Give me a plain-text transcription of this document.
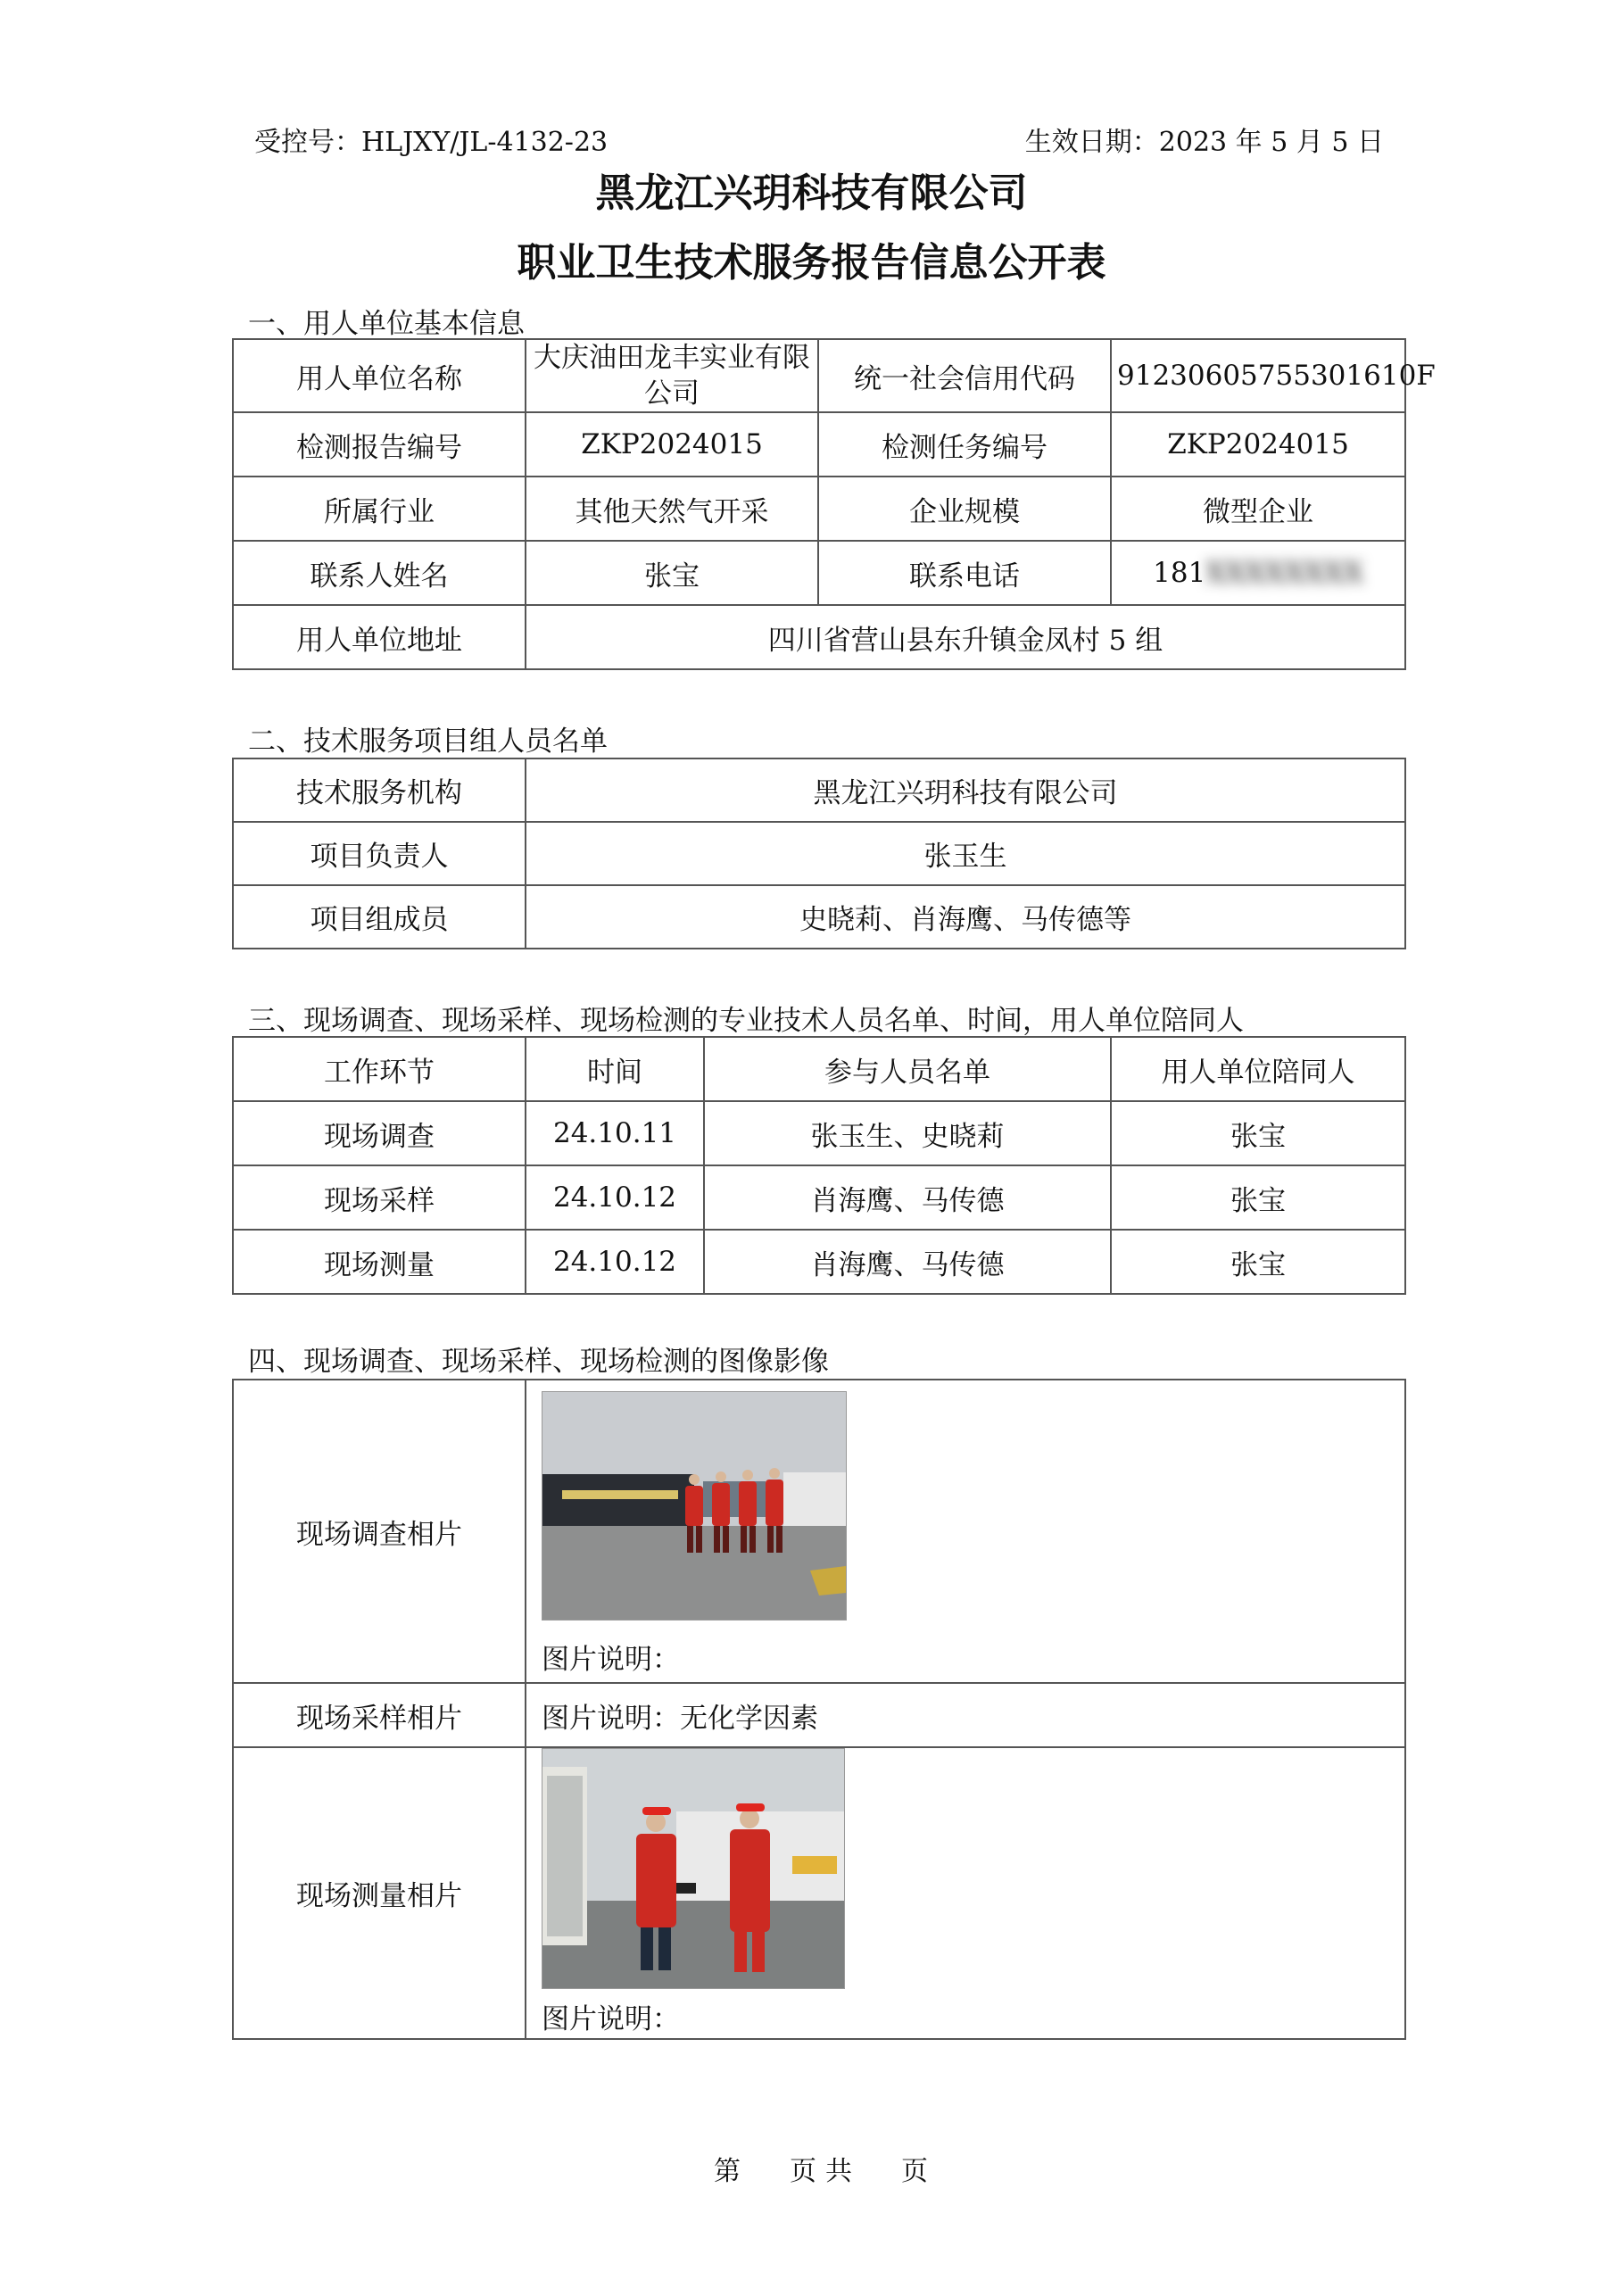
受控号：HLJXY/JL-4132-23	生效日期：2023 年 5 月 5 日
黑龙江兴玥科技有限公司
职业卫生技术服务报告信息公开表
一、用人单位基本信息
用人单位名称	大庆油田龙丰实业有限公司	统一社会信用代码	91230605755301610F
检测报告编号	ZKP2024015	检测任务编号	ZKP2024015
所属行业	其他天然气开采	企业规模	微型企业
联系人姓名	张宝	联系电话	181XXXXXXXX
用人单位地址	四川省营山县东升镇金凤村 5 组		
二、技术服务项目组人员名单
技术服务机构	黑龙江兴玥科技有限公司
项目负责人	张玉生
项目组成员	史晓莉、肖海鹰、马传德等
三、现场调查、现场采样、现场检测的专业技术人员名单、时间，用人单位陪同人
工作环节	时间	参与人员名单	用人单位陪同人
现场调查	24.10.11	张玉生、史晓莉	张宝
现场采样	24.10.12	肖海鹰、马传德	张宝
现场测量	24.10.12	肖海鹰、马传德	张宝
四、现场调查、现场采样、现场检测的图像影像
现场调查相片	图片说明：

现场采样相片	图片说明：无化学因素
现场测量相片	图片说明：
第 页 共 页
